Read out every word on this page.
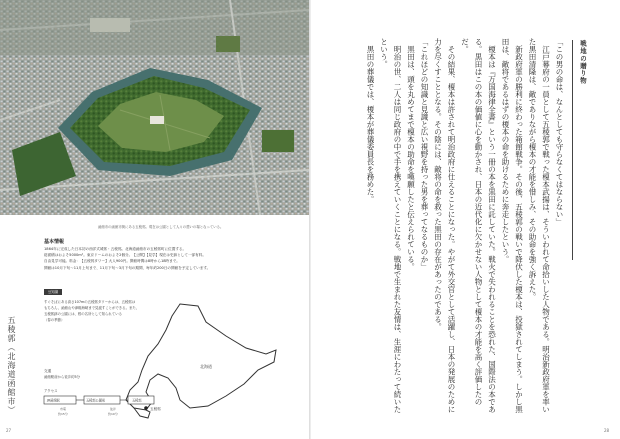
函館市の函館市街にある五稜郭。現在は公園として人々の憩いの場となっている。
基本情報
1864年に完成した日本初の西洋式城郭・五稜郭。北海道函館市の五稜郭町に位置する。
総面積はおよそ5000m²。東京ドームのおよそ2個分。【公開】【見学】現在は史跡として一部有料。
自由見学可能。料金：【五稜郭タワー】大人900円。開館時間は8時から18時まで。
開館は10月下旬〜11月上旬まで、11月下旬〜3月下旬の期間、毎年約200日の開館を予定しています。
豆知識
すぐそばにある高さ107mの五稜郭タワーからは、五稜郭は
もちろん、函館山や津軽海峡まで見渡すことができる。また、
五稜郭跡の公園には、桜の名所として知られている
（春の季節）
五稜郭（北海道函館市）	北海道
五稜郭
交通
函館駅前から徒歩約5分
アクセス
JR函館駅	五稜郭公園前	五稜郭
市電	徒歩
約15分	約10分
27
戦地の贈り物

「この男の命は、なんとしても守らなくてはならない」

　江戸幕府の一員として五稜郭で戦った榎本武揚は、そういわれて命拾いした人物である。明治新政府軍を率いた黒田清隆は、敵でありながら榎本の才能を惜しみ、その助命を強く訴えた。

　新政府軍の勝利に終わった箱館戦争。その後、五稜郭の戦いで降伏した榎本は、投獄されてしまう。しかし黒田は、敵将であるはずの榎本の命を助けるために奔走したという。

　榎本は『万国海律全書』という一冊の本を黒田に託していた。戦火で失われることを恐れた、国際法の本である。黒田はこの本の価値に心を動かされ、日本の近代化に欠かせない人物として榎本の才能を高く評価したのだ。

　その結果、榎本は許されて明治政府に仕えることになった。やがて外交官として活躍し、日本の発展のために力を尽くすこととなる。その陰には、敵将の命を救った黒田の存在があったのである。

「これほどの知識と見識と広い視野を持った男を葬ってなるものか」

　黒田は、頭を丸めてまで榎本の助命を嘆願したと伝えられている。

　明治の世、二人は同じ政府の中で手を携えていくことになる。戦地で生まれた友情は、生涯にわたって続いたという。

　黒田の葬儀では、榎本が葬儀委員長を務めた。

28
